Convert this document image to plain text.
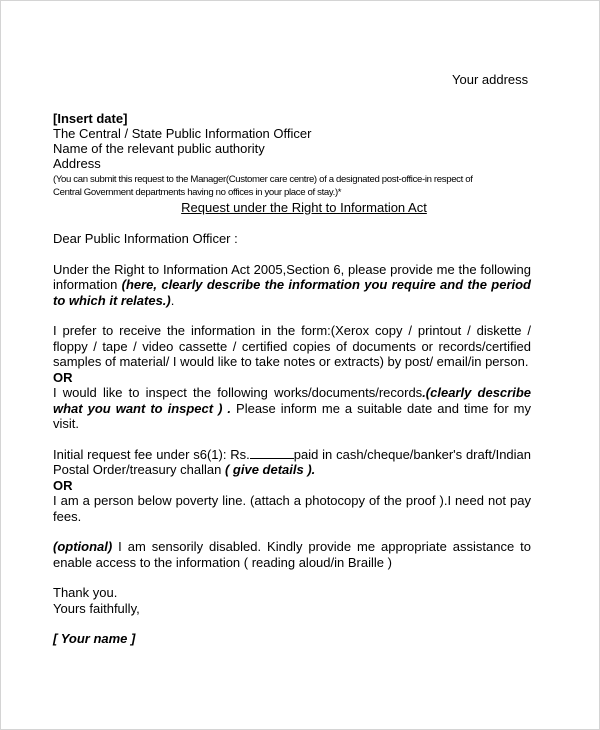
Your address
[Insert date]
The Central / State Public Information Officer
Name of the relevant public authority
Address
(You can submit this request to the Manager(Customer care centre) of a designated post-office-in respect of
Central Government departments having no offices in your place of stay.)*
Request under the Right to Information Act

Dear Public Information Officer :

Under the Right to Information Act 2005,Section 6, please provide me the following information (here, clearly describe the information you require and the period to which it relates.).

I prefer to receive the information in the form:(Xerox copy / printout / diskette / floppy / tape / video cassette / certified copies of documents or records/certified samples of material/ I would like to take notes or extracts) by post/ email/in person.

OR

I would like to inspect the following works/documents/records.(clearly describe what you want to inspect ) . Please inform me a suitable date and time for my visit.

Initial request fee under s6(1): Rs.	paid in cash/cheque/banker's draft/Indian Postal Order/treasury challan ( give details ).

OR

I am a person below poverty line. (attach a photocopy of the proof ).I need not pay fees.

(optional) I am sensorily disabled. Kindly provide me appropriate assistance to enable access to the information ( reading aloud/in Braille )

Thank you.
Yours faithfully,
[ Your name ]
